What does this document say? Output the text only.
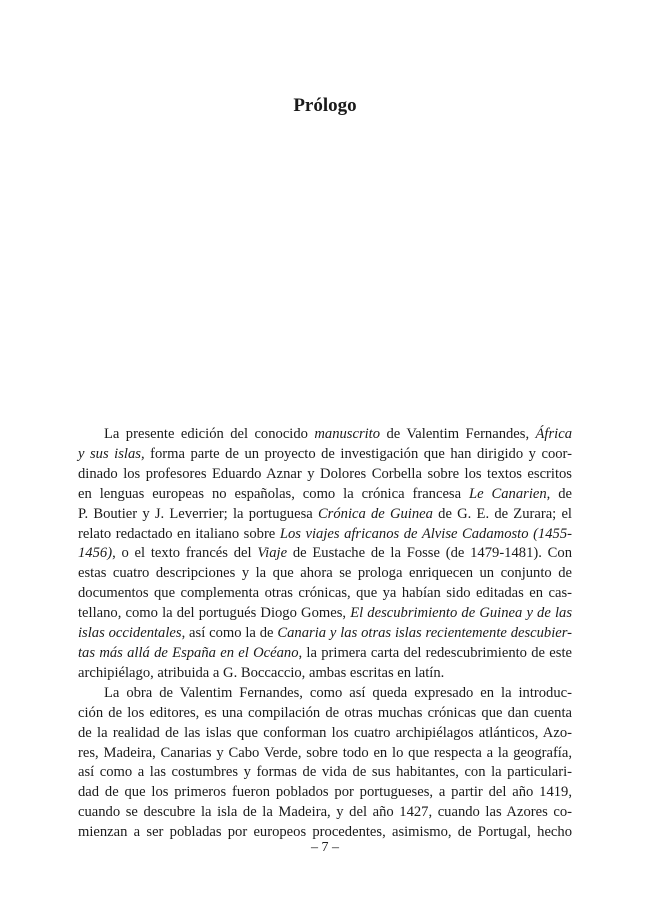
Prólogo

La presente edición del conocido manuscrito de Valentim Fernandes, África
y sus islas, forma parte de un proyecto de investigación que han dirigido y coor-
dinado los profesores Eduardo Aznar y Dolores Corbella sobre los textos escritos
en lenguas europeas no españolas, como la crónica francesa Le Canarien, de
P. Boutier y J. Leverrier; la portuguesa Crónica de Guinea de G. E. de Zurara; el
relato redactado en italiano sobre Los viajes africanos de Alvise Cadamosto (1455-
1456), o el texto francés del Viaje de Eustache de la Fosse (de 1479-1481). Con
estas cuatro descripciones y la que ahora se prologa enriquecen un conjunto de
documentos que complementa otras crónicas, que ya habían sido editadas en cas-
tellano, como la del portugués Diogo Gomes, El descubrimiento de Guinea y de las
islas occidentales, así como la de Canaria y las otras islas recientemente descubier-
tas más allá de España en el Océano, la primera carta del redescubrimiento de este
archipiélago, atribuida a G. Boccaccio, ambas escritas en latín.

La obra de Valentim Fernandes, como así queda expresado en la introduc-
ción de los editores, es una compilación de otras muchas crónicas que dan cuenta
de la realidad de las islas que conforman los cuatro archipiélagos atlánticos, Azo-
res, Madeira, Canarias y Cabo Verde, sobre todo en lo que respecta a la geografía,
así como a las costumbres y formas de vida de sus habitantes, con la particulari-
dad de que los primeros fueron poblados por portugueses, a partir del año 1419,
cuando se descubre la isla de la Madeira, y del año 1427, cuando las Azores co-
mienzan a ser pobladas por europeos procedentes, asimismo, de Portugal, hecho

– 7 –
